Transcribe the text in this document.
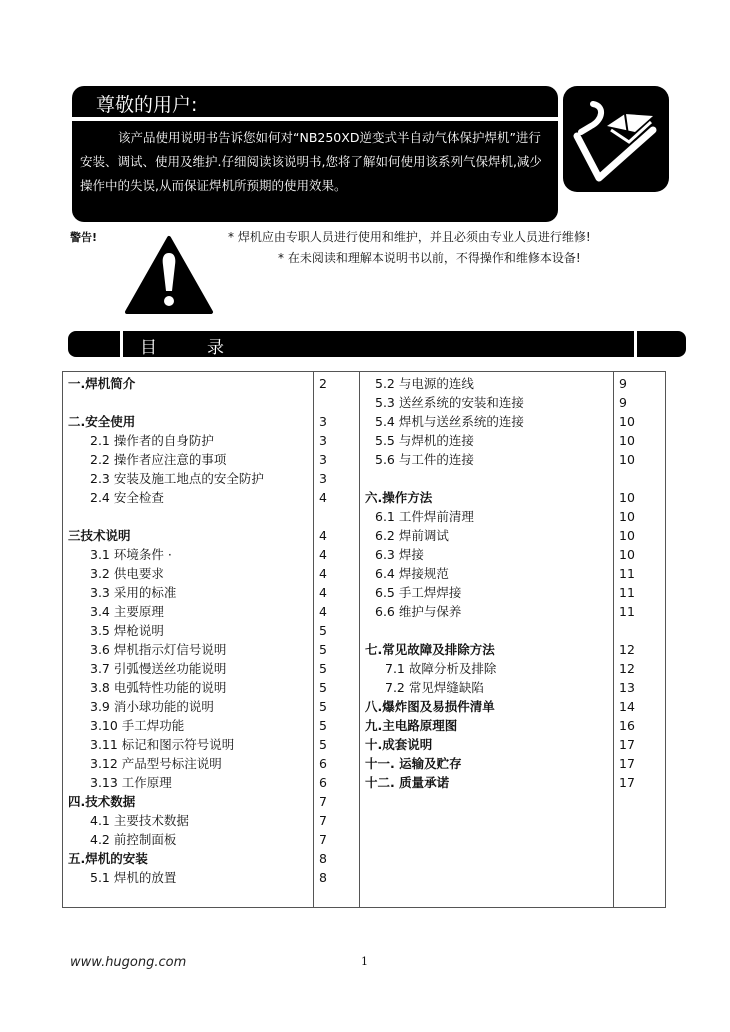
尊敬的用户:
该产品使用说明书告诉您如何对“NB250XD逆变式半自动气体保护焊机”进行安装、调试、使用及维护.仔细阅读该说明书,您将了解如何使用该系列气保焊机,减少操作中的失误,从而保证焊机所预期的使用效果。
警告!	* 焊机应由专职人员进行使用和维护，并且必须由专业人员进行维修!
* 在未阅读和理解本说明书以前，不得操作和维修本设备!
目录
一.焊机简介	2
二.安全使用	3
2.1 操作者的自身防护	3
2.2 操作者应注意的事项	3
2.3 安装及施工地点的安全防护	3
2.4 安全检查	4
三技术说明	4
3.1 环境条件 ·	4
3.2 供电要求	4
3.3 采用的标准	4
3.4 主要原理	4
3.5 焊枪说明	5
3.6 焊机指示灯信号说明	5
3.7 引弧慢送丝功能说明	5
3.8 电弧特性功能的说明	5
3.9 消小球功能的说明	5
3.10 手工焊功能	5
3.11 标记和图示符号说明	5
3.12 产品型号标注说明	6
3.13 工作原理	6
四.技术数据	7
4.1 主要技术数据	7
4.2 前控制面板	7
五.焊机的安装	8
5.1 焊机的放置	8
5.2 与电源的连线	9
5.3 送丝系统的安装和连接	9
5.4 焊机与送丝系统的连接	10
5.5 与焊机的连接	10
5.6 与工件的连接	10
六.操作方法	10
6.1 工件焊前清理	10
6.2 焊前调试	10
6.3 焊接	10
6.4 焊接规范	11
6.5 手工焊焊接	11
6.6 维护与保养	11
七.常见故障及排除方法	12
7.1 故障分析及排除	12
7.2 常见焊缝缺陷	13
八.爆炸图及易损件清单	14
九.主电路原理图	16
十.成套说明	17
十一. 运输及贮存	17
十二. 质量承诺	17
www.hugong.com	1
